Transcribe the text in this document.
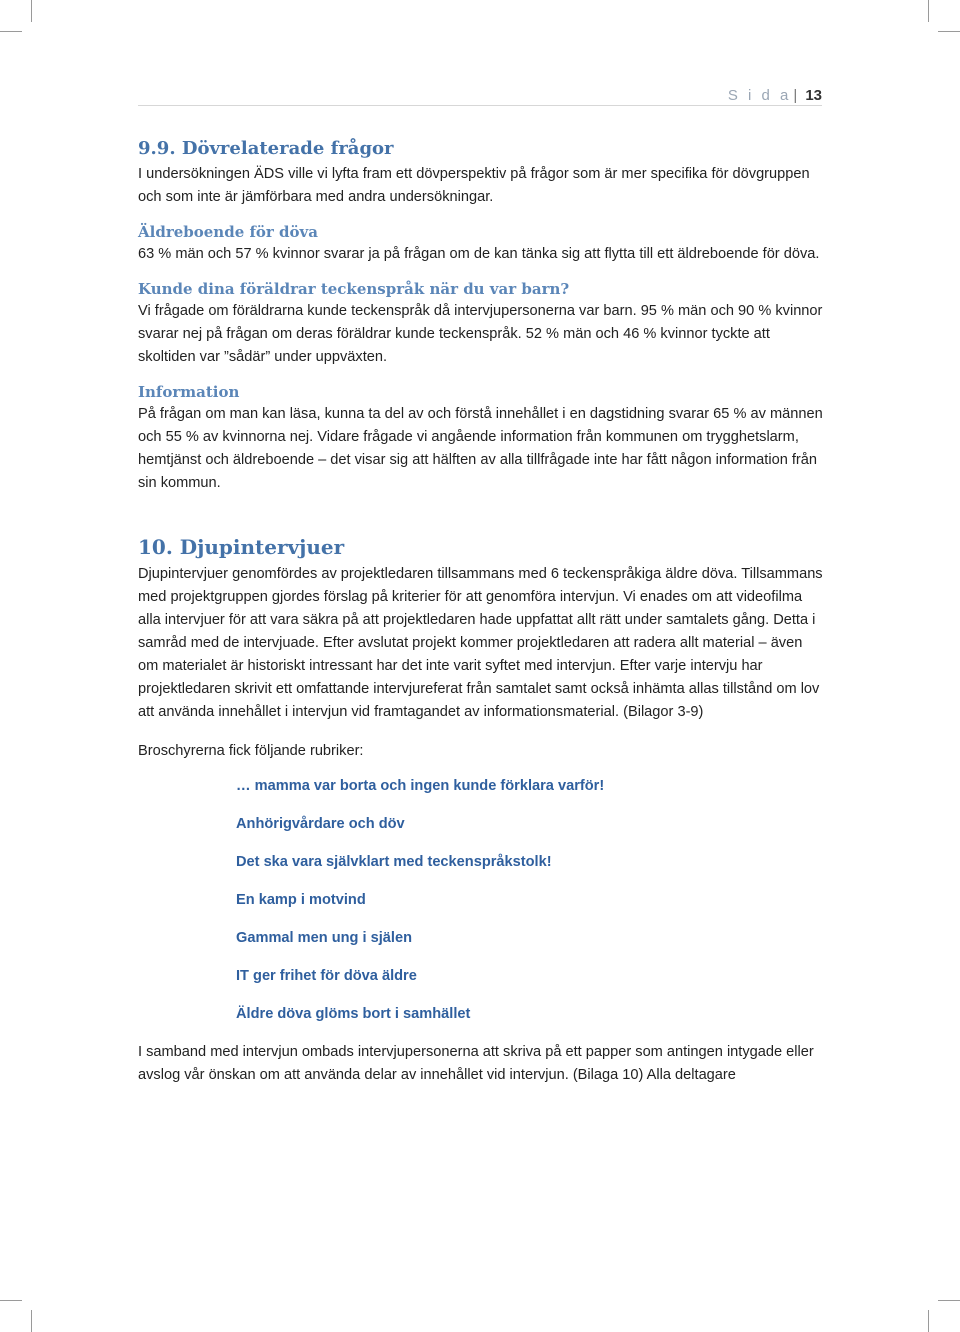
S i d a | 13
9.9. Dövrelaterade frågor

I undersökningen ÄDS ville vi lyfta fram ett dövperspektiv på frågor som är mer specifika för dövgruppen och som inte är jämförbara med andra undersökningar.

Äldreboende för döva

63 % män och 57 % kvinnor svarar ja på frågan om de kan tänka sig att flytta till ett äldreboende för döva.

Kunde dina föräldrar teckenspråk när du var barn?

Vi frågade om föräldrarna kunde teckenspråk då intervjupersonerna var barn. 95 % män och 90 % kvinnor svarar nej på frågan om deras föräldrar kunde teckenspråk. 52 % män och 46 % kvinnor tyckte att skoltiden var ”sådär” under uppväxten.

Information

På frågan om man kan läsa, kunna ta del av och förstå innehållet i en dagstidning svarar 65 % av männen och 55 % av kvinnorna nej. Vidare frågade vi angående information från kommunen om trygghetslarm, hemtjänst och äldreboende – det visar sig att hälften av alla tillfrågade inte har fått någon information från sin kommun.

10. Djupintervjuer

Djupintervjuer genomfördes av projektledaren tillsammans med 6 teckenspråkiga äldre döva. Tillsammans med projektgruppen gjordes förslag på kriterier för att genomföra intervjun. Vi enades om att videofilma alla intervjuer för att vara säkra på att projektledaren hade uppfattat allt rätt under samtalets gång. Detta i samråd med de intervjuade. Efter avslutat projekt kommer projektledaren att radera allt material – även om materialet är historiskt intressant har det inte varit syftet med intervjun. Efter varje intervju har projektledaren skrivit ett omfattande intervjureferat från samtalet samt också inhämta allas tillstånd om lov att använda innehållet i intervjun vid framtagandet av informationsmaterial. (Bilagor 3-9)

Broschyrerna fick följande rubriker:

… mamma var borta och ingen kunde förklara varför!
Anhörigvårdare och döv
Det ska vara självklart med teckenspråkstolk!
En kamp i motvind
Gammal men ung i själen
IT ger frihet för döva äldre
Äldre döva glöms bort i samhället

I samband med intervjun ombads intervjupersonerna att skriva på ett papper som antingen intygade eller avslog vår önskan om att använda delar av innehållet vid intervjun. (Bilaga 10) Alla deltagare
